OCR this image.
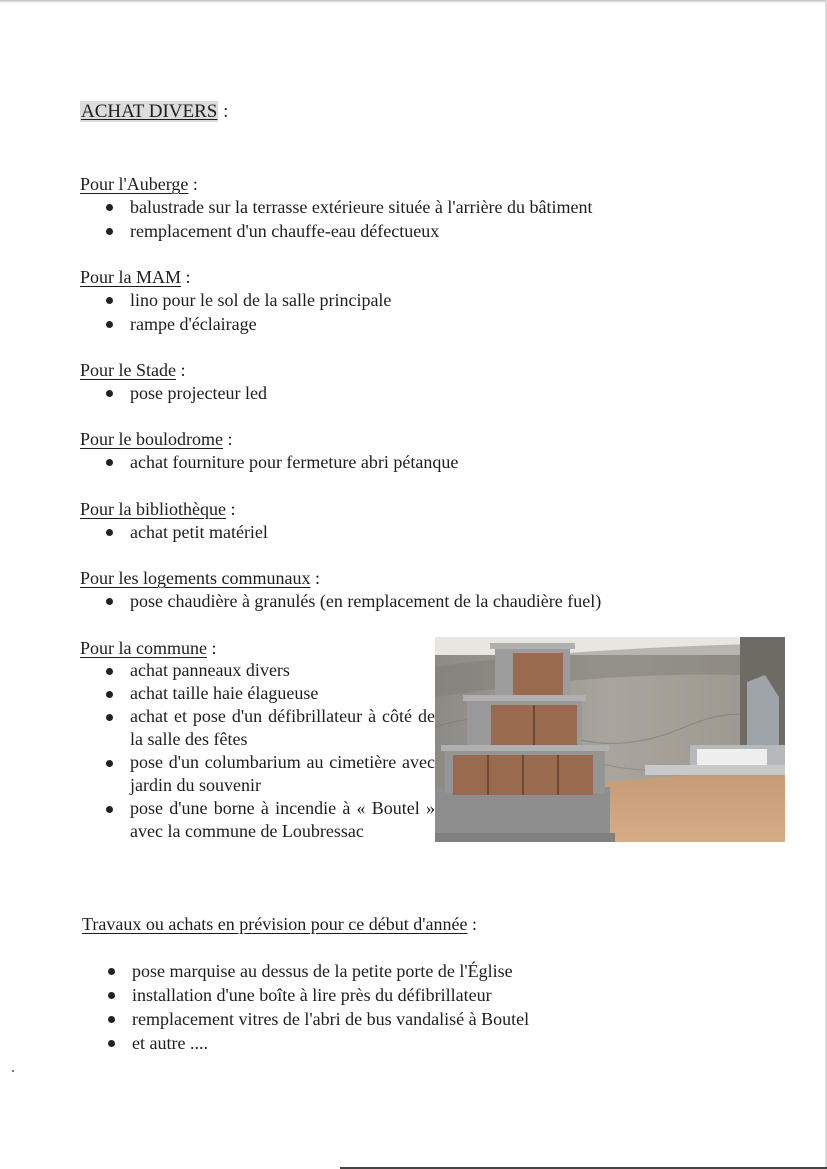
ACHAT DIVERS :
Pour l'Auberge :
balustrade sur la terrasse extérieure située à l'arrière du bâtiment
remplacement d'un chauffe-eau défectueux
Pour la MAM :
lino pour le sol de la salle principale
rampe d'éclairage
Pour le Stade :
pose projecteur led
Pour le boulodrome :
achat fourniture pour fermeture abri pétanque
Pour la bibliothèque :
achat petit matériel
Pour les logements communaux :
pose chaudière à granulés (en remplacement de la chaudière fuel)
Pour la commune :
achat panneaux divers
achat taille haie élagueuse
achat et pose d'un défibrillateur à côté de la salle des fêtes
pose d'un columbarium au cimetière avec jardin du souvenir
pose d'une borne à incendie à « Boutel » avec la commune de Loubressac
Travaux ou achats en prévision pour ce début d'année :
pose marquise au dessus de la petite porte de l'Église
installation d'une boîte à lire près du défibrillateur
remplacement vitres de l'abri de bus vandalisé à Boutel
et autre ....
